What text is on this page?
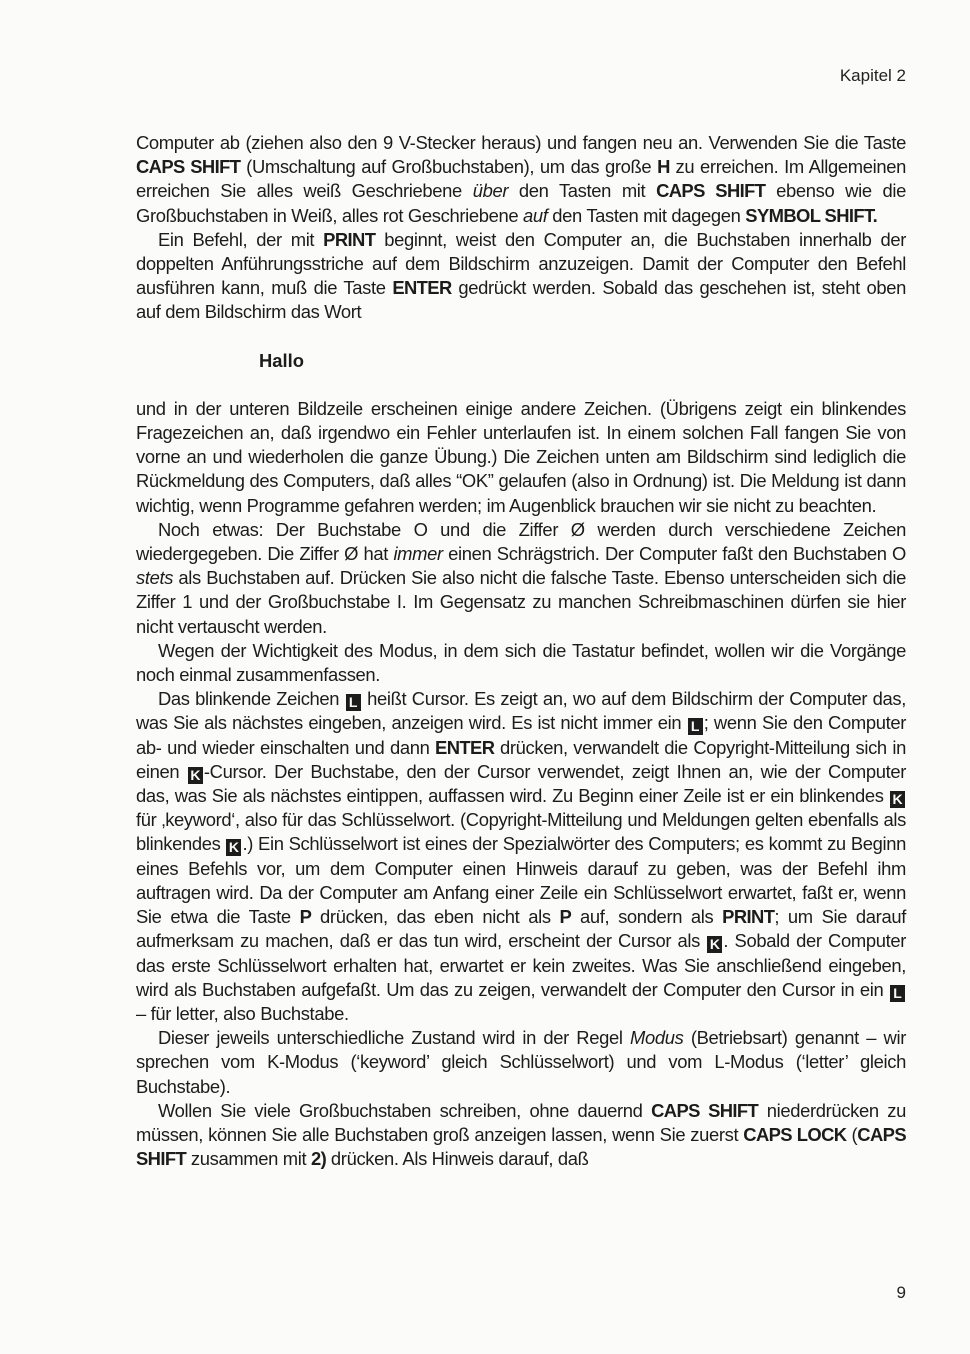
Kapitel 2

Computer ab (ziehen also den 9 V-Stecker heraus) und fangen neu an. Verwenden Sie die Taste CAPS SHIFT (Umschaltung auf Großbuchstaben), um das große H zu erreichen. Im Allgemeinen erreichen Sie alles weiß Geschriebene über den Tasten mit CAPS SHIFT ebenso wie die Großbuchstaben in Weiß, alles rot Geschriebene auf den Tasten mit dagegen SYMBOL SHIFT.

Ein Befehl, der mit PRINT beginnt, weist den Computer an, die Buchstaben innerhalb der doppelten Anführungsstriche auf dem Bildschirm anzuzeigen. Damit der Computer den Befehl ausführen kann, muß die Taste ENTER gedrückt werden. Sobald das geschehen ist, steht oben auf dem Bildschirm das Wort

Hallo

und in der unteren Bildzeile erscheinen einige andere Zeichen. (Übrigens zeigt ein blinkendes Fragezeichen an, daß irgendwo ein Fehler unterlaufen ist. In einem solchen Fall fangen Sie von vorne an und wiederholen die ganze Übung.) Die Zeichen unten am Bildschirm sind lediglich die Rückmeldung des Computers, daß alles “OK” gelaufen (also in Ordnung) ist. Die Meldung ist dann wichtig, wenn Programme gefahren werden; im Augenblick brauchen wir sie nicht zu beachten.

Noch etwas: Der Buchstabe O und die Ziffer Ø werden durch verschiedene Zeichen wiedergegeben. Die Ziffer Ø hat immer einen Schrägstrich. Der Computer faßt den Buchstaben O stets als Buchstaben auf. Drücken Sie also nicht die falsche Taste. Ebenso unterscheiden sich die Ziffer 1 und der Großbuchstabe I. Im Gegensatz zu manchen Schreibmaschinen dürfen sie hier nicht vertauscht werden.

Wegen der Wichtigkeit des Modus, in dem sich die Tastatur befindet, wollen wir die Vorgänge noch einmal zusammenfassen.

Das blinkende Zeichen L heißt Cursor. Es zeigt an, wo auf dem Bildschirm der Computer das, was Sie als nächstes eingeben, anzeigen wird. Es ist nicht immer ein L ; wenn Sie den Computer ab- und wieder einschalten und dann ENTER drücken, verwandelt die Copyright-Mitteilung sich in einen K -Cursor. Der Buchstabe, den der Cursor verwendet, zeigt Ihnen an, wie der Computer das, was Sie als nächstes eintippen, auffassen wird. Zu Beginn einer Zeile ist er ein blinkendes K für ‚keyword‘, also für das Schlüsselwort. (Copyright-Mitteilung und Meldungen gelten ebenfalls als blinkendes K .) Ein Schlüsselwort ist eines der Spezialwörter des Computers; es kommt zu Beginn eines Befehls vor, um dem Computer einen Hinweis darauf zu geben, was der Befehl ihm auftragen wird. Da der Computer am Anfang einer Zeile ein Schlüsselwort erwartet, faßt er, wenn Sie etwa die Taste P drücken, das eben nicht als P auf, sondern als PRINT; um Sie darauf aufmerksam zu machen, daß er das tun wird, erscheint der Cursor als K . Sobald der Computer das erste Schlüsselwort erhalten hat, erwartet er kein zweites. Was Sie anschließend eingeben, wird als Buchstaben aufgefaßt. Um das zu zeigen, verwandelt der Computer den Cursor in ein L – für letter, also Buchstabe.

Dieser jeweils unterschiedliche Zustand wird in der Regel Modus (Betriebsart) genannt – wir sprechen vom K-Modus (‘keyword’ gleich Schlüsselwort) und vom L-Modus (‘letter’ gleich Buchstabe).

Wollen Sie viele Großbuchstaben schreiben, ohne dauernd CAPS SHIFT niederdrücken zu müssen, können Sie alle Buchstaben groß anzeigen lassen, wenn Sie zuerst CAPS LOCK (CAPS SHIFT zusammen mit 2) drücken. Als Hinweis darauf, daß

9
